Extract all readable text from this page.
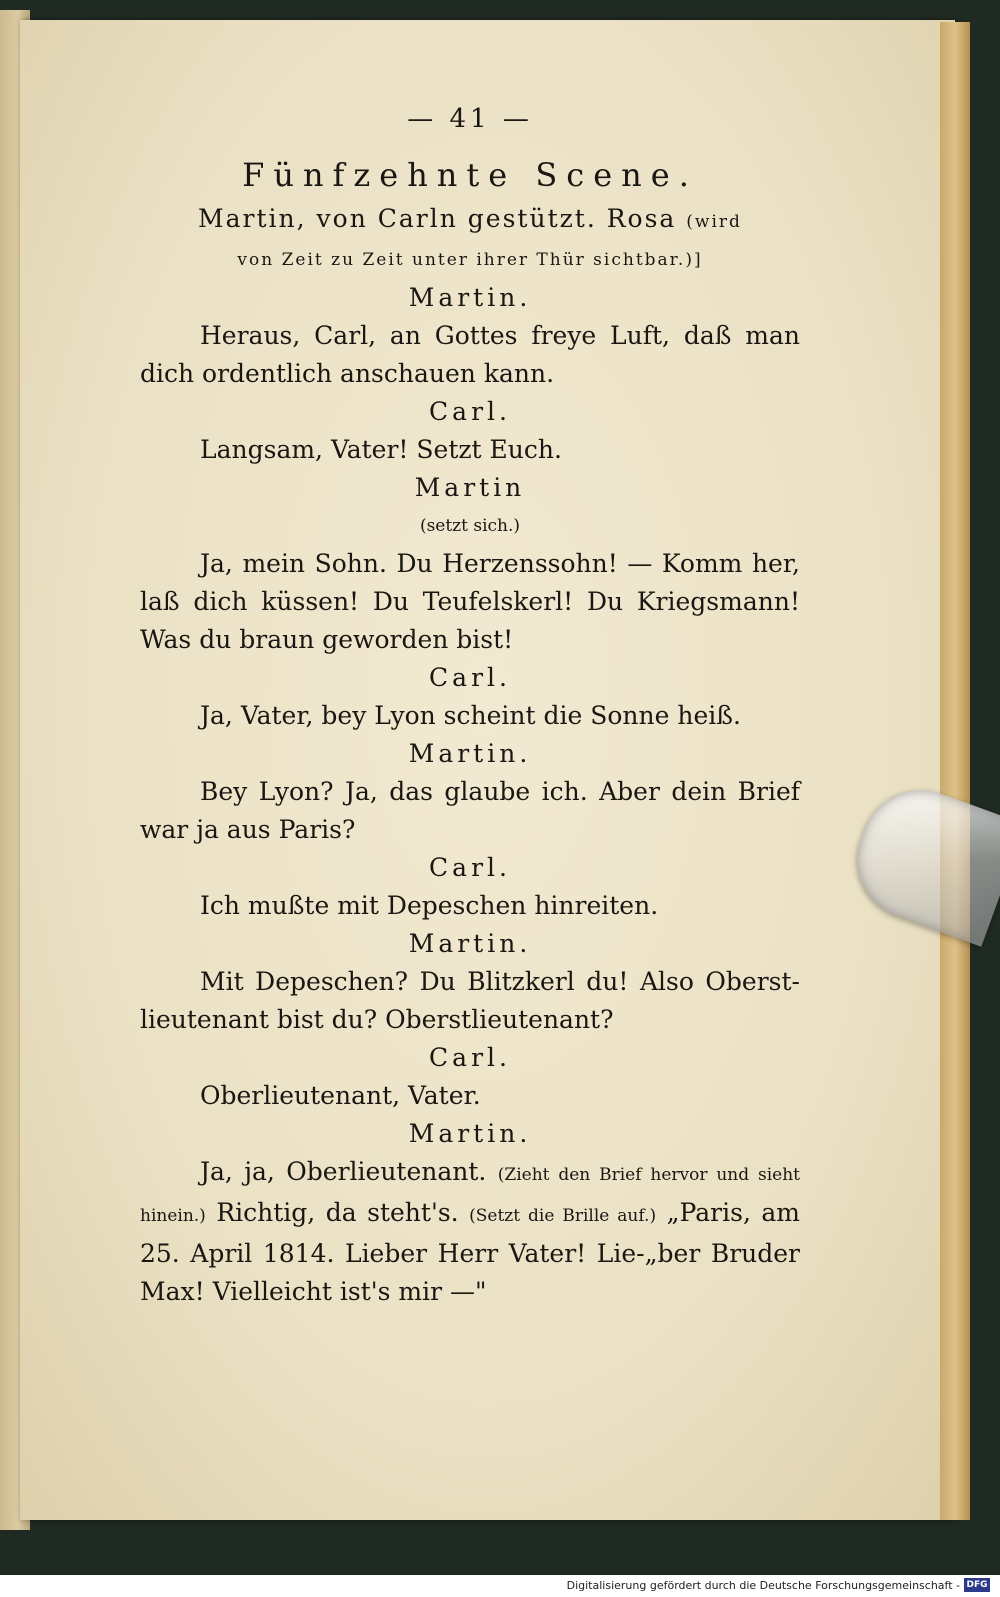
— 41 —
Fünfzehnte Scene.
Martin, von Carln gestützt. Rosa (wird
von Zeit zu Zeit unter ihrer Thür sichtbar.)]
Martin.
Heraus, Carl, an Gottes freye Luft, daß man dich ordentlich anschauen kann.
Carl.
Langsam, Vater! Setzt Euch.
Martin
(setzt sich.)
Ja, mein Sohn. Du Herzenssohn! — Komm her, laß dich küssen! Du Teufelskerl! Du Kriegsmann! Was du braun geworden bist!
Carl.
Ja, Vater, bey Lyon scheint die Sonne heiß.
Martin.
Bey Lyon? Ja, das glaube ich. Aber dein Brief war ja aus Paris?
Carl.
Ich mußte mit Depeschen hinreiten.
Martin.
Mit Depeschen? Du Blitzkerl du! Also Oberst-lieutenant bist du? Oberstlieutenant?
Carl.
Oberlieutenant, Vater.
Martin.
Ja, ja, Oberlieutenant. (Zieht den Brief hervor und sieht hinein.) Richtig, da steht's. (Setzt die Brille auf.) „Paris, am 25. April 1814. Lieber Herr Vater! Lie-„ber Bruder Max! Vielleicht ist's mir —"
Digitalisierung gefördert durch die Deutsche Forschungsgemeinschaft - DFG
